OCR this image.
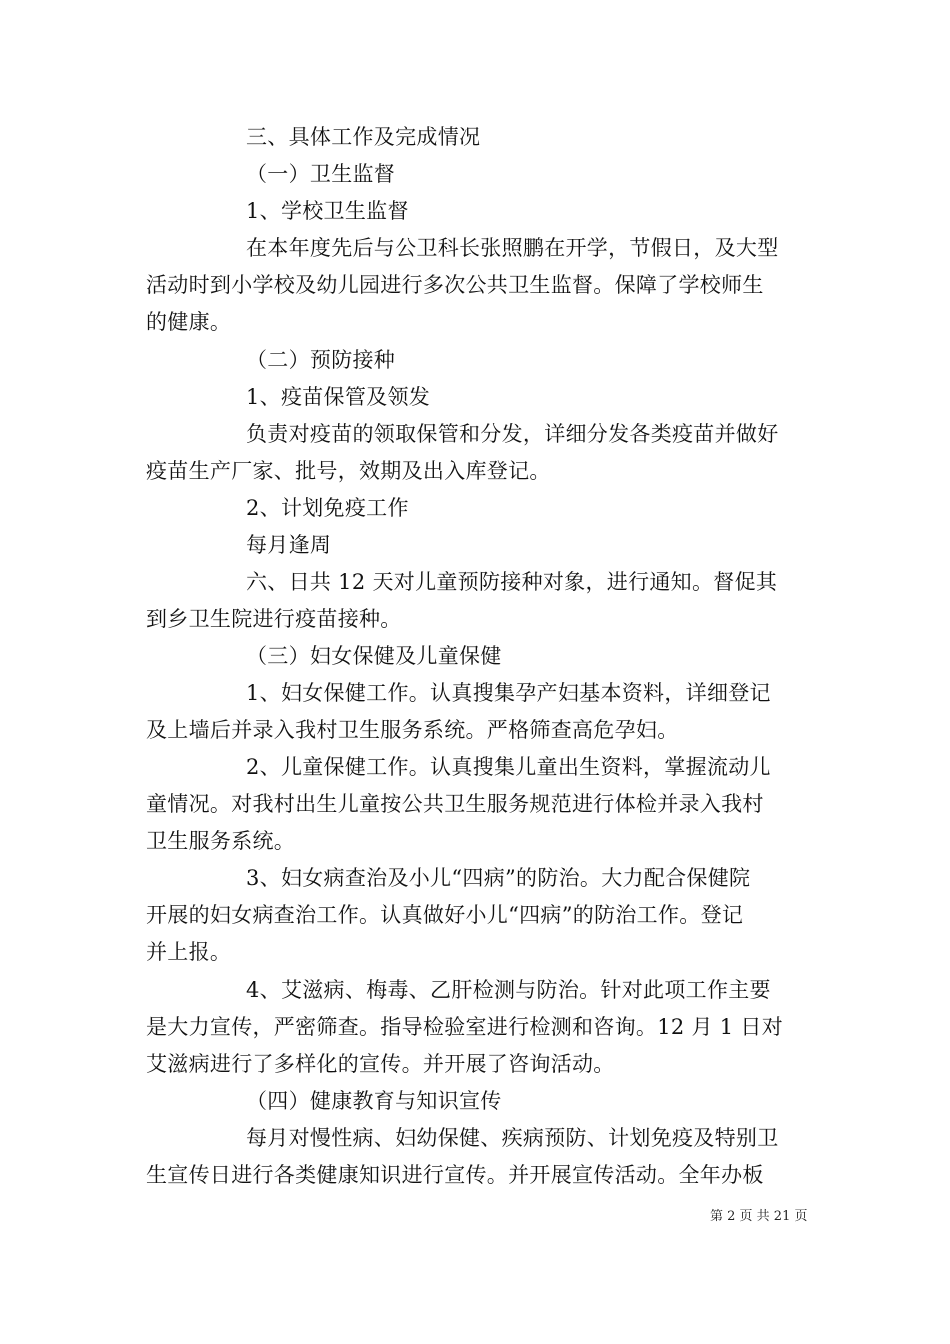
三、具体工作及完成情况
（一）卫生监督
1、学校卫生监督
在本年度先后与公卫科长张照鹏在开学，节假日，及大型
活动时到小学校及幼儿园进行多次公共卫生监督。保障了学校师生
的健康。
（二）预防接种
1、疫苗保管及领发
负责对疫苗的领取保管和分发，详细分发各类疫苗并做好
疫苗生产厂家、批号，效期及出入库登记。
2、计划免疫工作
每月逢周
六、日共 12 天对儿童预防接种对象，进行通知。督促其
到乡卫生院进行疫苗接种。
（三）妇女保健及儿童保健
1、妇女保健工作。认真搜集孕产妇基本资料，详细登记
及上墙后并录入我村卫生服务系统。严格筛查高危孕妇。
2、儿童保健工作。认真搜集儿童出生资料，掌握流动儿
童情况。对我村出生儿童按公共卫生服务规范进行体检并录入我村
卫生服务系统。
3、妇女病查治及小儿“四病”的防治。大力配合保健院
开展的妇女病查治工作。认真做好小儿“四病”的防治工作。登记
并上报。
4、艾滋病、梅毒、乙肝检测与防治。针对此项工作主要
是大力宣传，严密筛查。指导检验室进行检测和咨询。12 月 1 日对
艾滋病进行了多样化的宣传。并开展了咨询活动。
（四）健康教育与知识宣传
每月对慢性病、妇幼保健、疾病预防、计划免疫及特别卫
生宣传日进行各类健康知识进行宣传。并开展宣传活动。全年办板
第 2 页 共 21 页
